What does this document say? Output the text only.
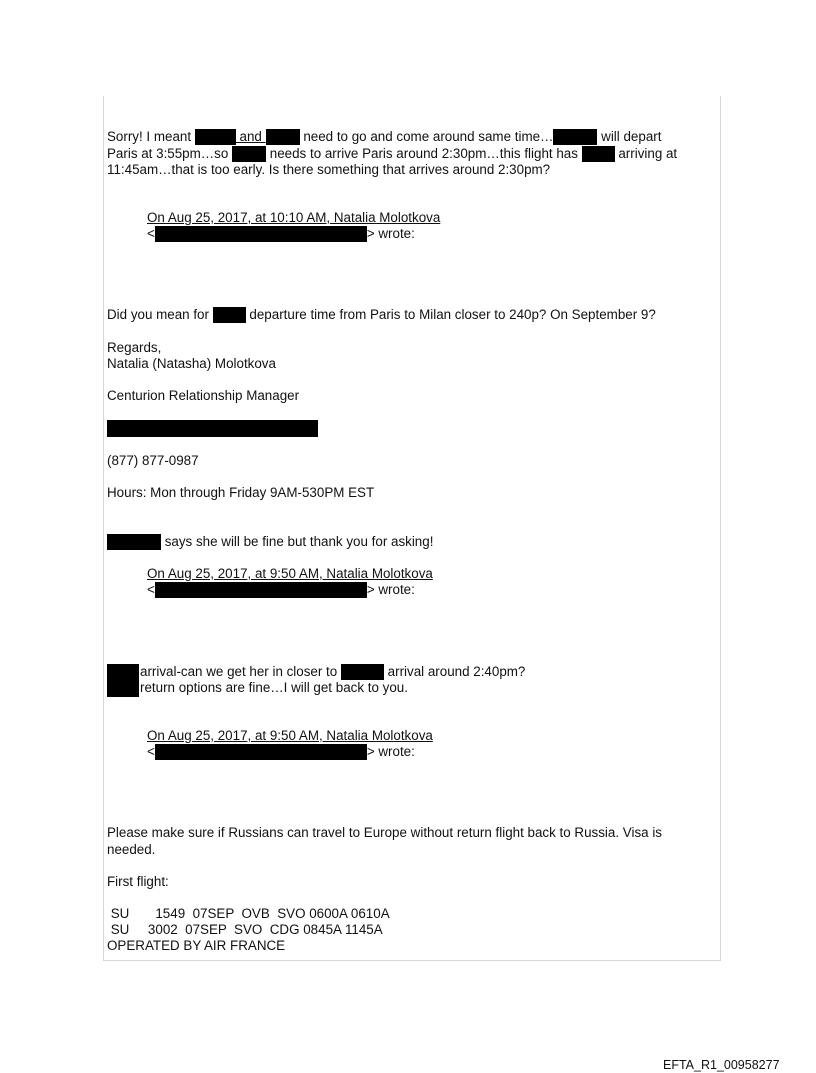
Sorry! I meant	and	need to go and come around same time…	will depart
Paris at 3:55pm…so	needs to arrive Paris around 2:30pm…this flight has  arriving at
11:45am…that is too early. Is there something that arrives around 2:30pm?
On Aug 25, 2017, at 10:10 AM, Natalia Molotkova
<	> wrote:
Did you mean for  departure time from Paris to Milan closer to 240p? On September 9?
Regards,
Natalia (Natasha) Molotkova
Centurion Relationship Manager
(877) 877-0987
Hours: Mon through Friday 9AM-530PM EST
says she will be fine but thank you for asking!
On Aug 25, 2017, at 9:50 AM, Natalia Molotkova
<	> wrote:
arrival-can we get her in closer to	arrival around 2:40pm?
return options are fine…I will get back to you.
On Aug 25, 2017, at 9:50 AM, Natalia Molotkova
<	> wrote:
Please make sure if Russians can travel to Europe without return flight back to Russia. Visa is
needed.
First flight:
SU       1549  07SEP  OVB  SVO 0600A 0610A
SU     3002  07SEP  SVO  CDG 0845A 1145A
OPERATED BY AIR FRANCE
EFTA_R1_00958277
